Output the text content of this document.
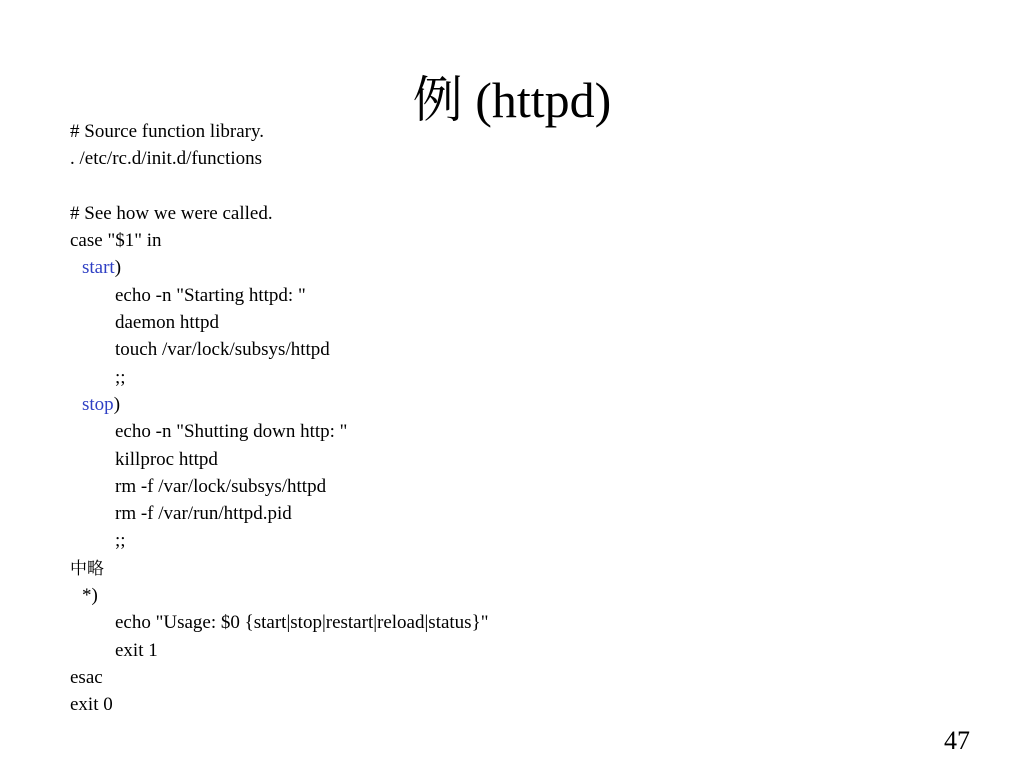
例 (httpd)
# Source function library.
. /etc/rc.d/init.d/functions
# See how we were called.
case "$1" in
start)
echo -n "Starting httpd: "
daemon httpd
touch /var/lock/subsys/httpd
;;
stop)
echo -n "Shutting down http: "
killproc httpd
rm -f /var/lock/subsys/httpd
rm -f /var/run/httpd.pid
;;
中略
*)
echo "Usage: $0 {start|stop|restart|reload|status}"
exit 1
esac
exit 0
47
